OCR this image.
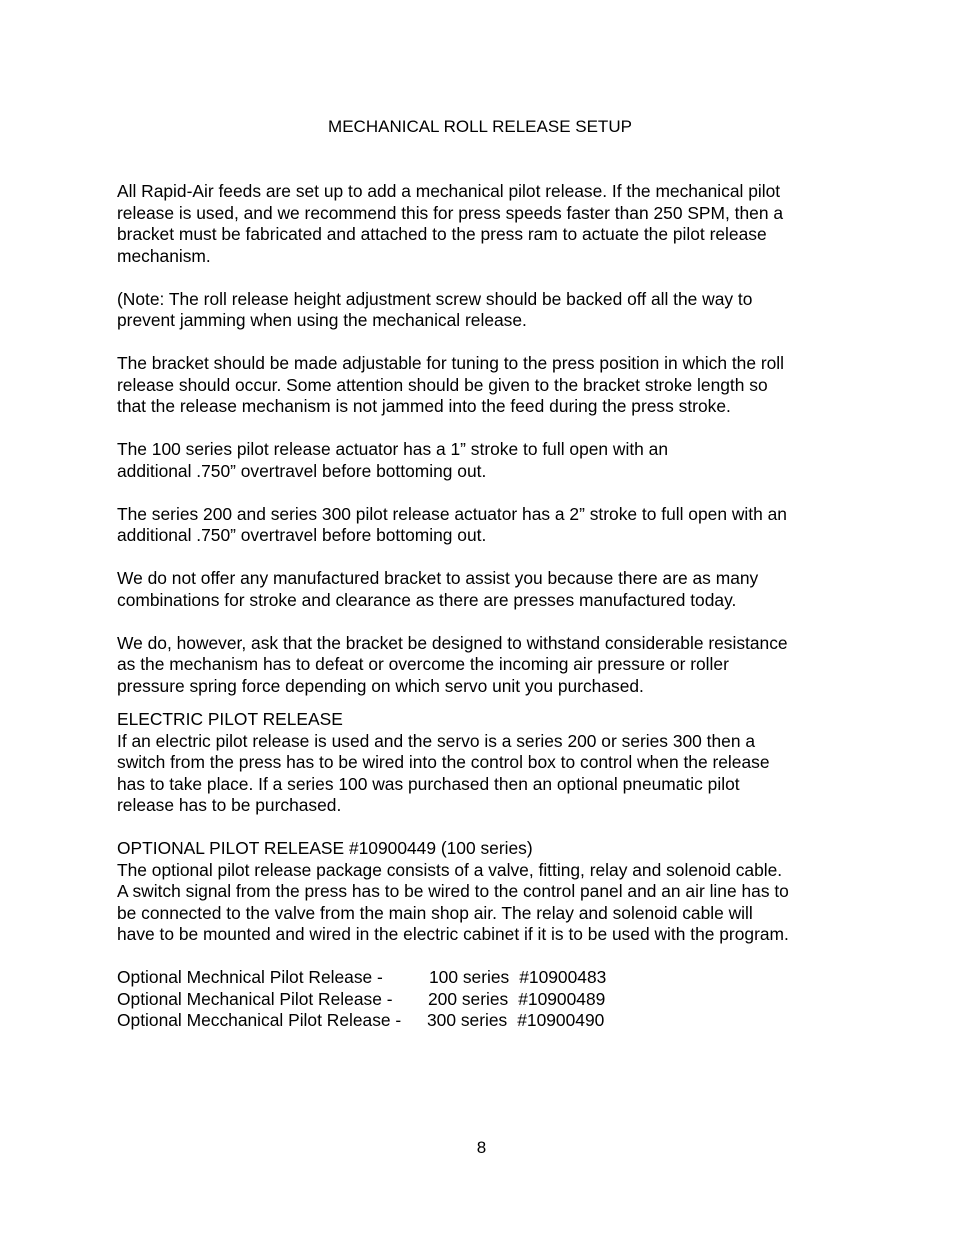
MECHANICAL ROLL RELEASE SETUP

All Rapid-Air feeds are set up to add a mechanical pilot release. If the mechanical pilot
release is used, and we recommend this for press speeds faster than 250 SPM, then a
bracket must be fabricated and attached to the press ram to actuate the pilot release
mechanism.

(Note: The roll release height adjustment screw should be backed off all the way to
prevent jamming when using the mechanical release.

The bracket should be made adjustable for tuning to the press position in which the roll
release should occur. Some attention should be given to the bracket stroke length so
that the release mechanism is not jammed into the feed during the press stroke.

The 100 series pilot release actuator has a 1” stroke to full open with an
additional .750” overtravel before bottoming out.

The series 200 and series 300 pilot release actuator has a 2” stroke to full open with an
additional .750” overtravel before bottoming out.

We do not offer any manufactured bracket to assist you because there are as many
combinations for stroke and clearance as there are presses manufactured today.

We do, however, ask that the bracket be designed to withstand considerable resistance
as the mechanism has to defeat or overcome the incoming air pressure or roller
pressure spring force depending on which servo unit you purchased.

ELECTRIC PILOT RELEASE
If an electric pilot release is used and the servo is a series 200 or series 300 then a
switch from the press has to be wired into the control box to control when the release
has to take place. If a series 100 was purchased then an optional pneumatic pilot
release has to be purchased.

OPTIONAL PILOT RELEASE #10900449 (100 series)
The optional pilot release package consists of a valve, fitting, relay and solenoid cable.
A switch signal from the press has to be wired to the control panel and an air line has to
be connected to the valve from the main shop air. The relay and solenoid cable will
have to be mounted and wired in the electric cabinet if it is to be used with the program.

Optional Mechnical Pilot Release -	100 series #10900483
Optional Mechanical Pilot Release -	200 series #10900489
Optional Mecchanical Pilot Release -	300 series #10900490
8
